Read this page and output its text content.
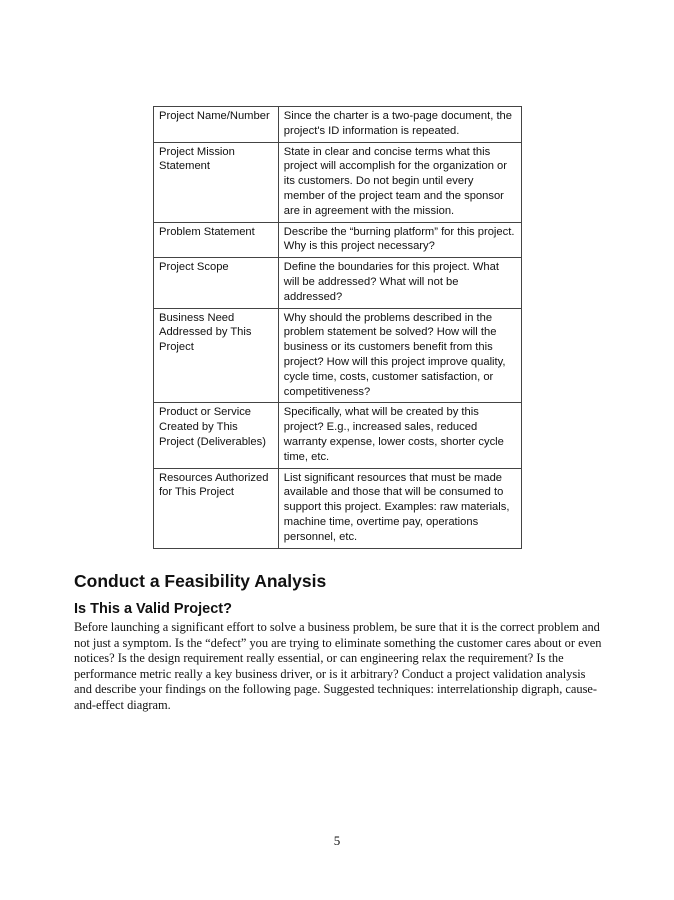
Project Name/Number	Since the charter is a two-page document, the project's ID information is repeated.
Project Mission Statement	State in clear and concise terms what this project will accomplish for the organization or its customers. Do not begin until every member of the project team and the sponsor are in agreement with the mission.
Problem Statement	Describe the “burning platform” for this project. Why is this project necessary?
Project Scope	Define the boundaries for this project. What will be addressed? What will not be addressed?
Business Need Addressed by This Project	Why should the problems described in the problem statement be solved? How will the business or its customers benefit from this project? How will this project improve quality, cycle time, costs, customer satisfaction, or competitiveness?
Product or Service Created by This Project (Deliverables)	Specifically, what will be created by this project? E.g., increased sales, reduced warranty expense, lower costs, shorter cycle time, etc.
Resources Authorized for This Project	List significant resources that must be made available and those that will be consumed to support this project. Examples: raw materials, machine time, overtime pay, operations personnel, etc.
Conduct a Feasibility Analysis
Is This a Valid Project?

Before launching a significant effort to solve a business problem, be sure that it is the correct problem and not just a symptom. Is the “defect” you are trying to eliminate something the customer cares about or even notices? Is the design requirement really essential, or can engineering relax the requirement? Is the performance metric really a key business driver, or is it arbitrary? Conduct a project validation analysis and describe your findings on the following page. Suggested techniques: interrelationship digraph, cause-and-effect diagram.

5
